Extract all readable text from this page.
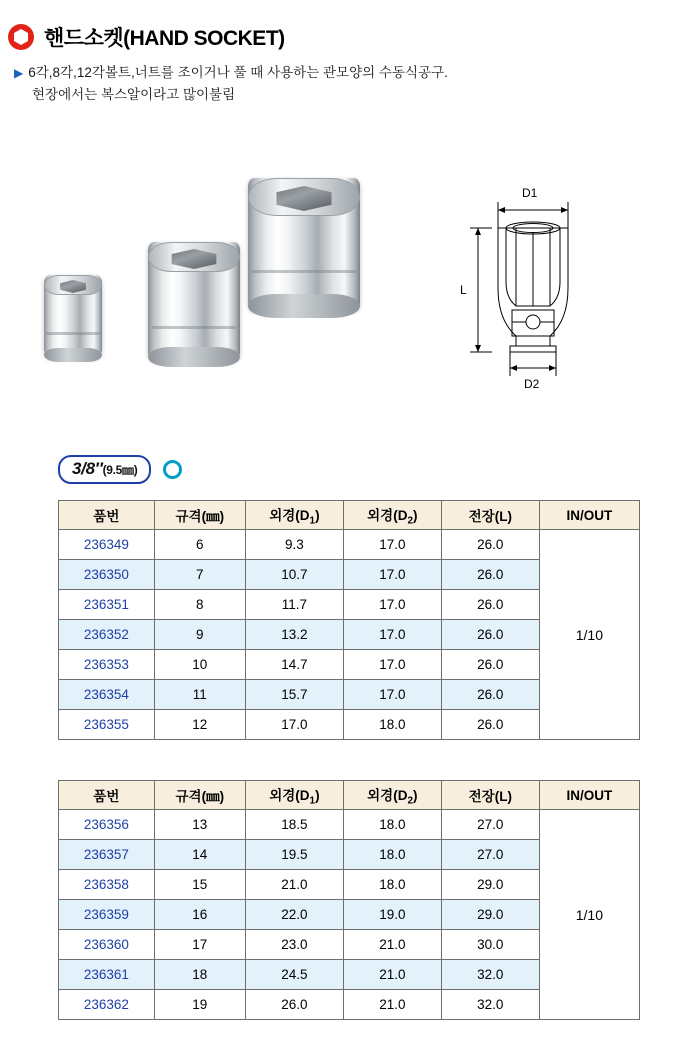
핸드소켓(HAND SOCKET)
▶ 6각,8각,12각볼트,너트를 조이거나 풀 때 사용하는 관모양의 수동식공구.
현장에서는 복스알이라고 많이불림
D1
D2
L
3/8″(9.5㎜)
품번	규격(㎜)	외경$(D_1)$	외경$(D_2)$	전장(L)	IN/OUT
236349	6	9.3	17.0	26.0	1/10
236350	7	10.7	17.0	26.0	
236351	8	11.7	17.0	26.0	
236352	9	13.2	17.0	26.0	
236353	10	14.7	17.0	26.0	
236354	11	15.7	17.0	26.0	
236355	12	17.0	18.0	26.0	
품번	규격(㎜)	외경$(D_1)$	외경$(D_2)$	전장(L)	IN/OUT
236356	13	18.5	18.0	27.0	1/10
236357	14	19.5	18.0	27.0	
236358	15	21.0	18.0	29.0	
236359	16	22.0	19.0	29.0	
236360	17	23.0	21.0	30.0	
236361	18	24.5	21.0	32.0	
236362	19	26.0	21.0	32.0	
